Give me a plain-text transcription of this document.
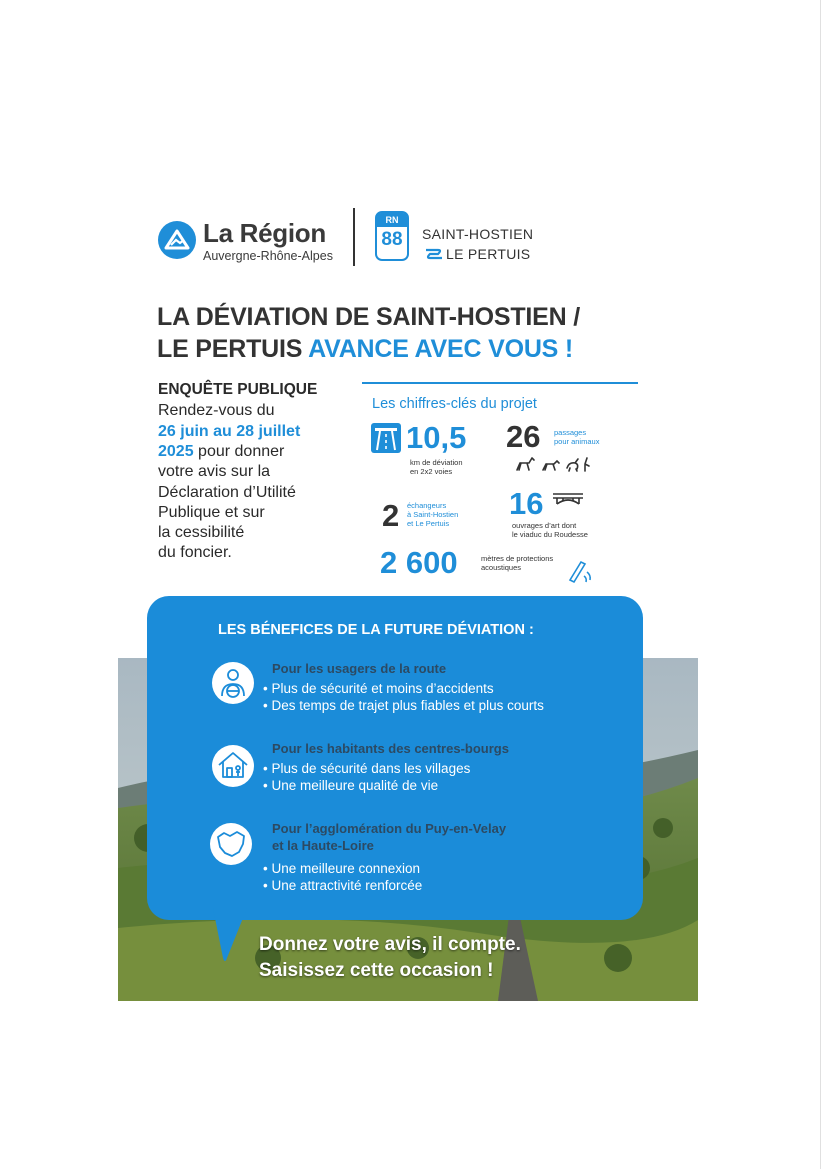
La Région
Auvergne-Rhône-Alpes
RN
88	SAINT-HOSTIEN
LE PERTUIS
LA DÉVIATION DE SAINT-HOSTIEN /
LE PERTUIS AVANCE AVEC VOUS !
ENQUÊTE PUBLIQUE
Rendez-vous du
26 juin au 28 juillet
2025 pour donner
votre avis sur la
Déclaration d’Utilité
Publique et sur
la cessibilité
du foncier.
Les chiffres-clés du projet
10,5
km de déviation
en 2x2 voies
26 passages
pour animaux
2 échangeurs
à Saint-Hostien
et Le Pertuis
16
ouvrages d’art dont
le viaduc du Roudesse
2 600	mètres de protections
acoustiques
LES BÉNEFICES DE LA FUTURE DÉVIATION :
Pour les usagers de la route
• Plus de sécurité et moins d’accidents
• Des temps de trajet plus fiables et plus courts
Pour les habitants des centres-bourgs
• Plus de sécurité dans les villages
• Une meilleure qualité de vie
Pour l’agglomération du Puy-en-Velay
et la Haute-Loire
• Une meilleure connexion
• Une attractivité renforcée
Donnez votre avis, il compte.
Saisissez cette occasion !
